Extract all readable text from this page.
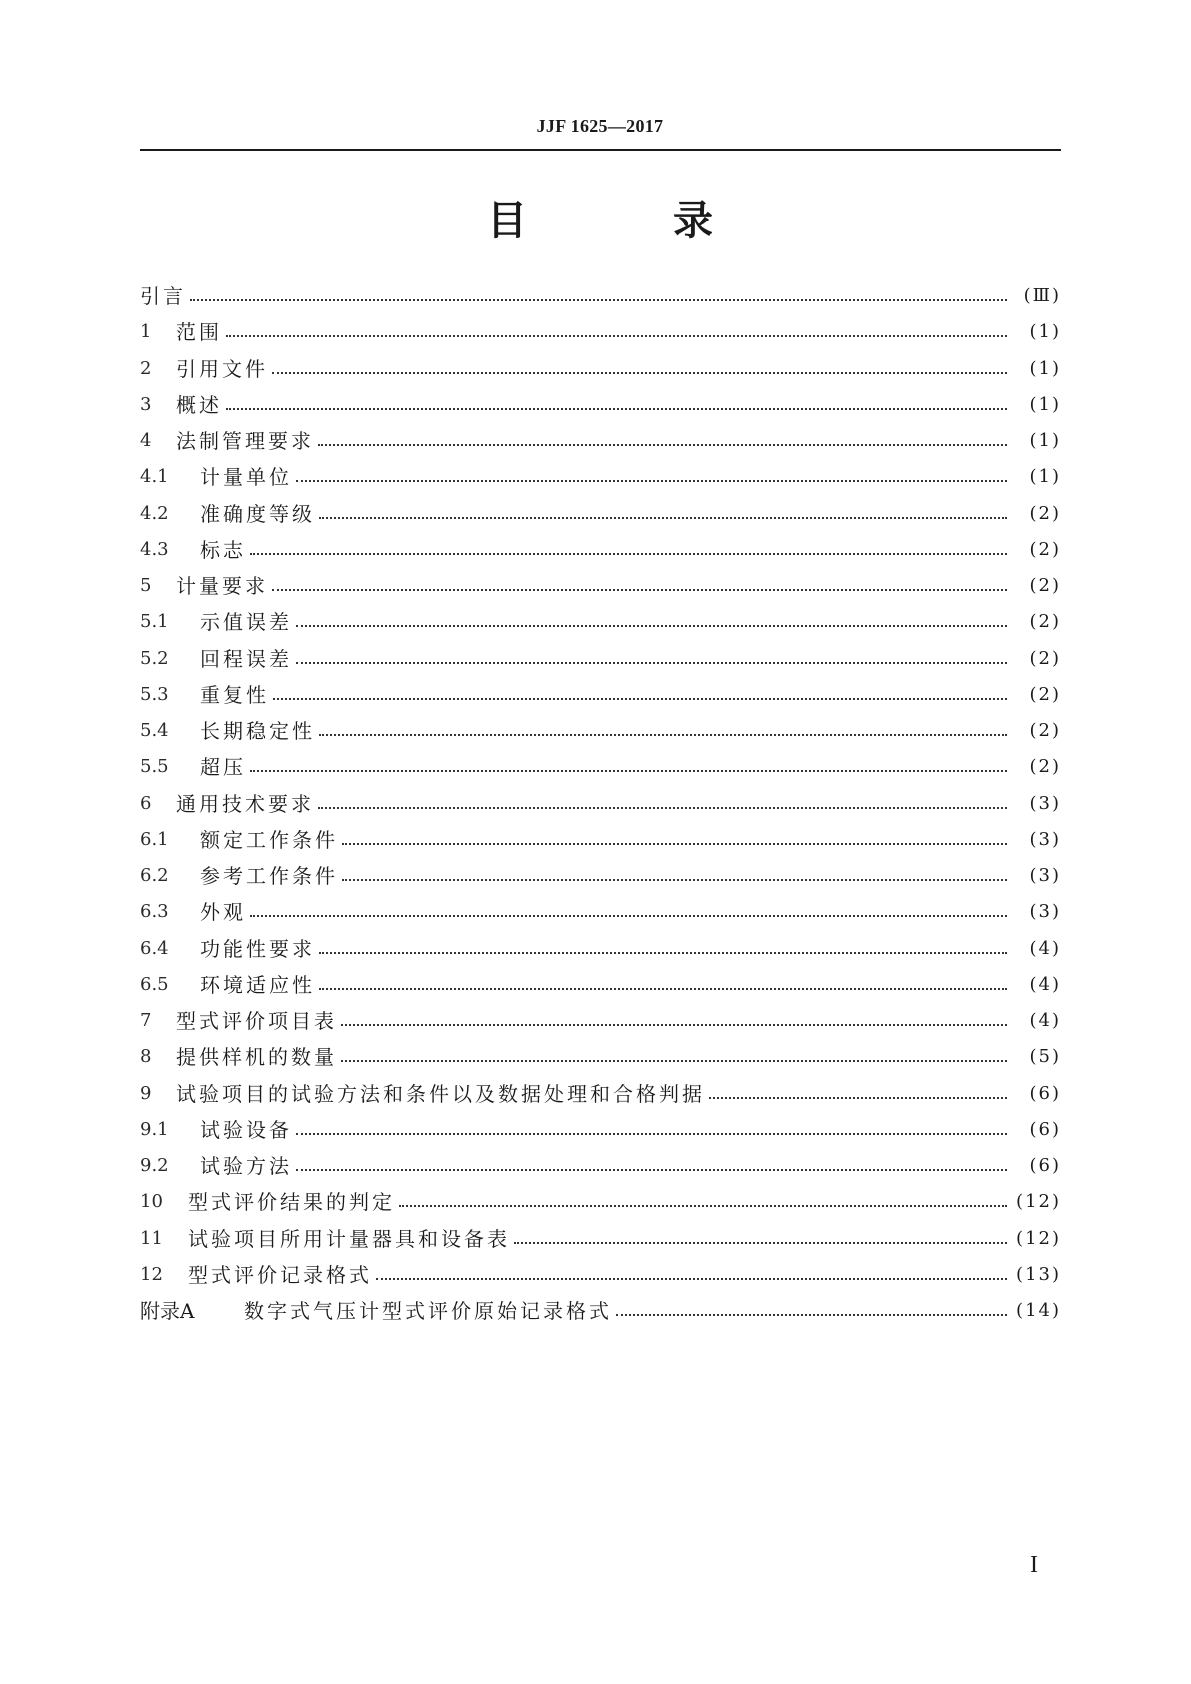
JJF 1625—2017
目 录
引言	(Ⅲ)
1	范围	(1)
2	引用文件	(1)
3	概述	(1)
4	法制管理要求	(1)
4.1	计量单位	(1)
4.2	准确度等级	(2)
4.3	标志	(2)
5	计量要求	(2)
5.1	示值误差	(2)
5.2	回程误差	(2)
5.3	重复性	(2)
5.4	长期稳定性	(2)
5.5	超压	(2)
6	通用技术要求	(3)
6.1	额定工作条件	(3)
6.2	参考工作条件	(3)
6.3	外观	(3)
6.4	功能性要求	(4)
6.5	环境适应性	(4)
7	型式评价项目表	(4)
8	提供样机的数量	(5)
9	试验项目的试验方法和条件以及数据处理和合格判据	(6)
9.1	试验设备	(6)
9.2	试验方法	(6)
10	型式评价结果的判定	(12)
11	试验项目所用计量器具和设备表	(12)
12	型式评价记录格式	(13)
附录A	数字式气压计型式评价原始记录格式	(14)
I
